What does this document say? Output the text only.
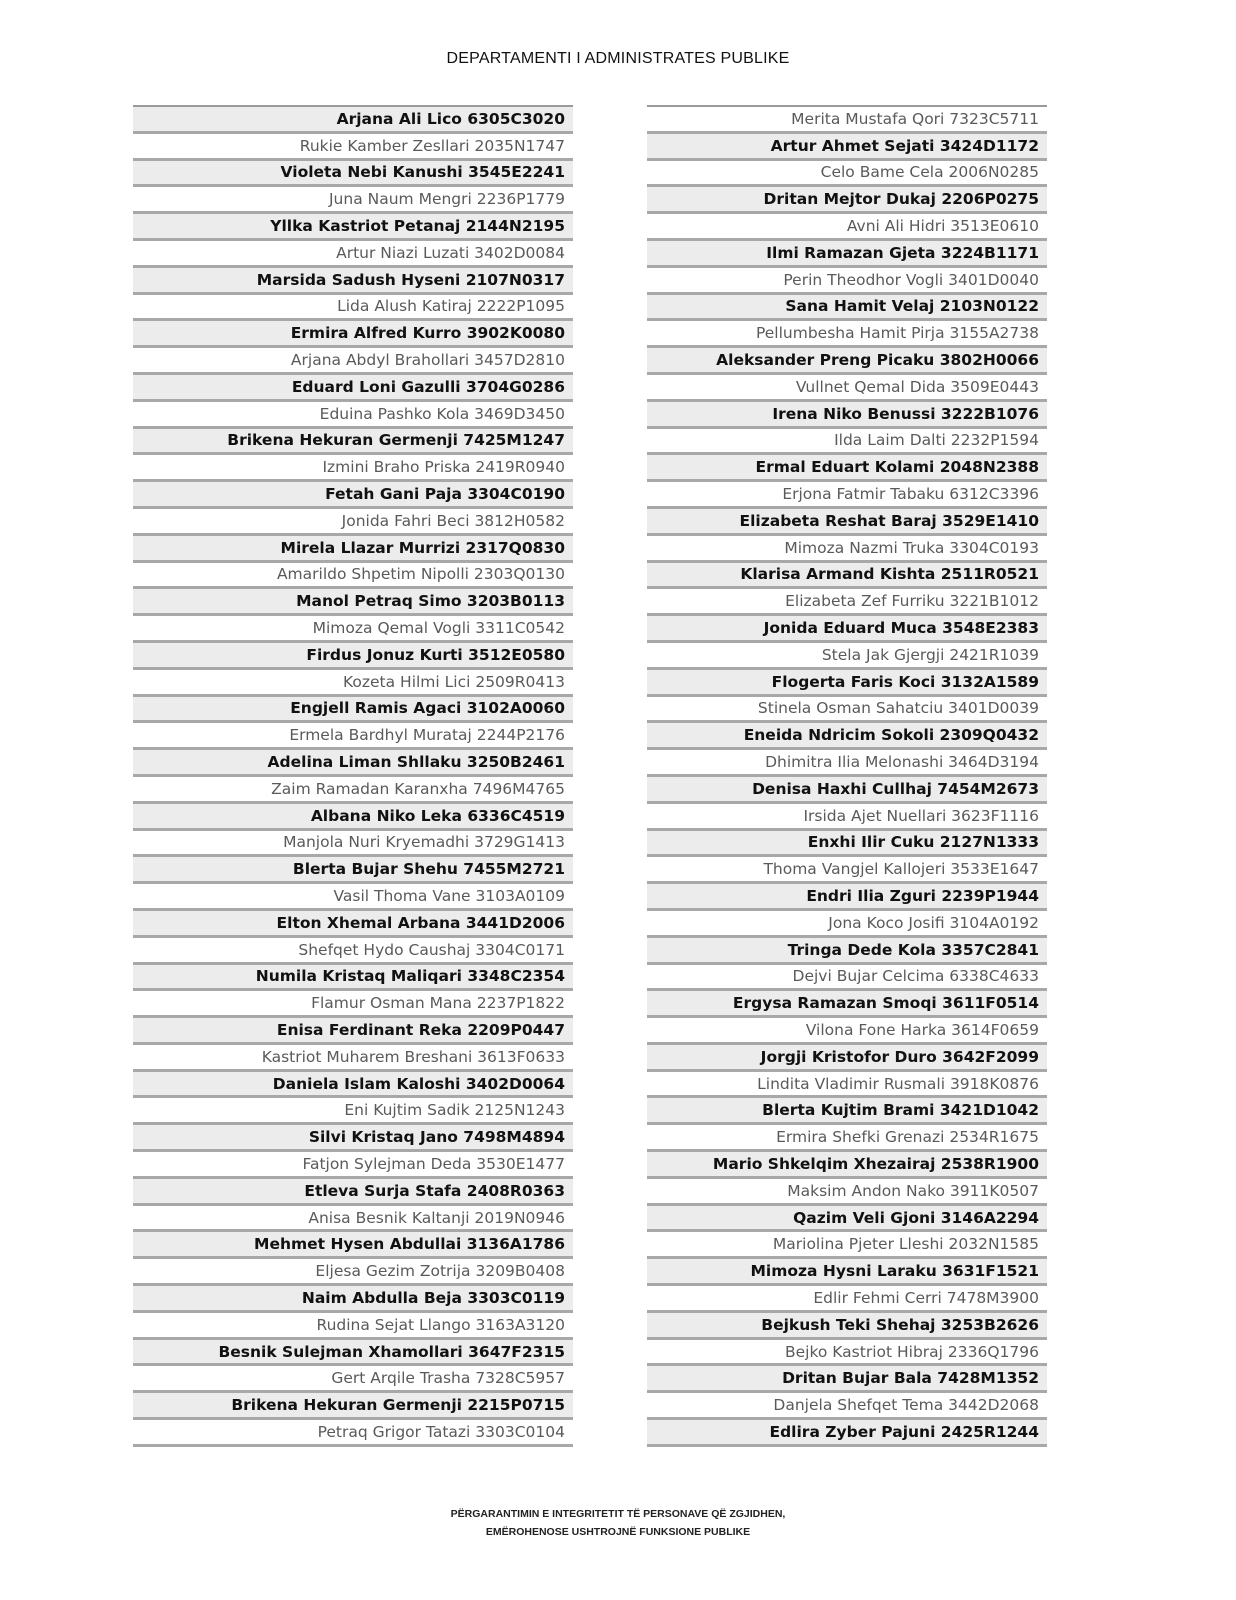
DEPARTAMENTI I ADMINISTRATES PUBLIKE
Arjana Ali Lico 6305C3020
Rukie Kamber Zesllari 2035N1747
Violeta Nebi Kanushi 3545E2241
Juna Naum Mengri 2236P1779
Yllka Kastriot Petanaj 2144N2195
Artur Niazi Luzati 3402D0084
Marsida Sadush Hyseni 2107N0317
Lida Alush Katiraj 2222P1095
Ermira Alfred Kurro 3902K0080
Arjana Abdyl Brahollari 3457D2810
Eduard Loni Gazulli 3704G0286
Eduina Pashko Kola 3469D3450
Brikena Hekuran Germenji 7425M1247
Izmini Braho Priska 2419R0940
Fetah Gani Paja 3304C0190
Jonida Fahri Beci 3812H0582
Mirela Llazar Murrizi 2317Q0830
Amarildo Shpetim Nipolli 2303Q0130
Manol Petraq Simo 3203B0113
Mimoza Qemal Vogli 3311C0542
Firdus Jonuz Kurti 3512E0580
Kozeta Hilmi Lici 2509R0413
Engjell Ramis Agaci 3102A0060
Ermela Bardhyl Murataj 2244P2176
Adelina Liman Shllaku 3250B2461
Zaim Ramadan Karanxha 7496M4765
Albana Niko Leka 6336C4519
Manjola Nuri Kryemadhi 3729G1413
Blerta Bujar Shehu 7455M2721
Vasil Thoma Vane 3103A0109
Elton Xhemal Arbana 3441D2006
Shefqet Hydo Caushaj 3304C0171
Numila Kristaq Maliqari 3348C2354
Flamur Osman Mana 2237P1822
Enisa Ferdinant Reka 2209P0447
Kastriot Muharem Breshani 3613F0633
Daniela Islam Kaloshi 3402D0064
Eni Kujtim Sadik 2125N1243
Silvi Kristaq Jano 7498M4894
Fatjon Sylejman Deda 3530E1477
Etleva Surja Stafa 2408R0363
Anisa Besnik Kaltanji 2019N0946
Mehmet Hysen Abdullai 3136A1786
Eljesa Gezim Zotrija 3209B0408
Naim Abdulla Beja 3303C0119
Rudina Sejat Llango 3163A3120
Besnik Sulejman Xhamollari 3647F2315
Gert Arqile Trasha 7328C5957
Brikena Hekuran Germenji 2215P0715
Petraq Grigor Tatazi 3303C0104
Merita Mustafa Qori 7323C5711
Artur Ahmet Sejati 3424D1172
Celo Bame Cela 2006N0285
Dritan Mejtor Dukaj 2206P0275
Avni Ali Hidri 3513E0610
Ilmi Ramazan Gjeta 3224B1171
Perin Theodhor Vogli 3401D0040
Sana Hamit Velaj 2103N0122
Pellumbesha Hamit Pirja 3155A2738
Aleksander Preng Picaku 3802H0066
Vullnet Qemal Dida 3509E0443
Irena Niko Benussi 3222B1076
Ilda Laim Dalti 2232P1594
Ermal Eduart Kolami 2048N2388
Erjona Fatmir Tabaku 6312C3396
Elizabeta Reshat Baraj 3529E1410
Mimoza Nazmi Truka 3304C0193
Klarisa Armand Kishta 2511R0521
Elizabeta Zef Furriku 3221B1012
Jonida Eduard Muca 3548E2383
Stela Jak Gjergji 2421R1039
Flogerta Faris Koci 3132A1589
Stinela Osman Sahatciu 3401D0039
Eneida Ndricim Sokoli 2309Q0432
Dhimitra Ilia Melonashi 3464D3194
Denisa Haxhi Cullhaj 7454M2673
Irsida Ajet Nuellari 3623F1116
Enxhi Ilir Cuku 2127N1333
Thoma Vangjel Kallojeri 3533E1647
Endri Ilia Zguri 2239P1944
Jona Koco Josifi 3104A0192
Tringa Dede Kola 3357C2841
Dejvi Bujar Celcima 6338C4633
Ergysa Ramazan Smoqi 3611F0514
Vilona Fone Harka 3614F0659
Jorgji Kristofor Duro 3642F2099
Lindita Vladimir Rusmali 3918K0876
Blerta Kujtim Brami 3421D1042
Ermira Shefki Grenazi 2534R1675
Mario Shkelqim Xhezairaj 2538R1900
Maksim Andon Nako 3911K0507
Qazim Veli Gjoni 3146A2294
Mariolina Pjeter Lleshi 2032N1585
Mimoza Hysni Laraku 3631F1521
Edlir Fehmi Cerri 7478M3900
Bejkush Teki Shehaj 3253B2626
Bejko Kastriot Hibraj 2336Q1796
Dritan Bujar Bala 7428M1352
Danjela Shefqet Tema 3442D2068
Edlira Zyber Pajuni 2425R1244
PËRGARANTIMIN E INTEGRITETIT TË PERSONAVE QË ZGJIDHEN,
EMËROHENOSE USHTROJNË FUNKSIONE PUBLIKE
